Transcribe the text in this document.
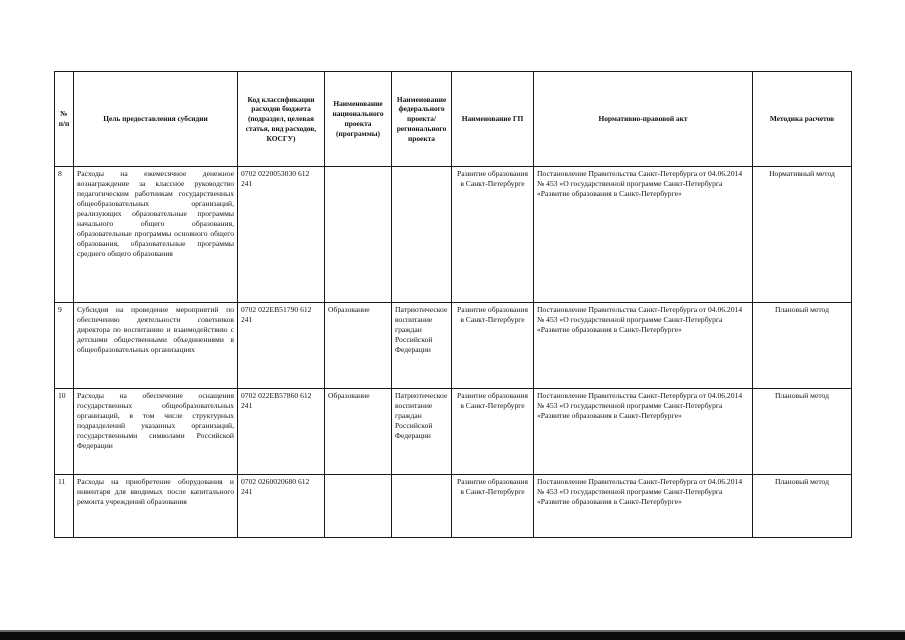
№ п/п	Цель предоставления субсидии	Код классификации расходов бюджета (подраздел, целевая статья, вид расходов, КОСГУ)	Наименование национального проекта (программы)	Наименование федерального проекта/ регионального проекта	Наименование ГП	Нормативно-правовой акт	Методика расчетов
8	Расходы на ежемесячное денежное вознаграждение за классное руководство педагогическим работникам государственных общеобразовательных организаций, реализующих образовательные программы начального общего образования, образовательные программы основного общего образования, образовательные программы среднего общего образования	0702 0220053030 612 241			Развитие образования в Санкт-Петербурге	Постановление Правительства Санкт-Петербурга от 04.06.2014 № 453 «О государственной программе Санкт-Петербурга «Развитие образования в Санкт-Петербурге»	Нормативный метод
9	Субсидия на проведение мероприятий по обеспечению деятельности советников директора по воспитанию и взаимодействию с детскими общественными объединениями в общеобразовательных организациях	0702 022ЕВ51790 612 241	Образование	Патриотическое воспитание граждан Российской Федерации	Развитие образования в Санкт-Петербурге	Постановление Правительства Санкт-Петербурга от 04.06.2014 № 453 «О государственной программе Санкт-Петербурга «Развитие образования в Санкт-Петербурге»	Плановый метод
10	Расходы на обеспечение оснащения государственных общеобразовательных организаций, в том числе структурных подразделений указанных организаций, государственными символами Российской Федерации	0702 022ЕВ57860 612 241	Образование	Патриотическое воспитание граждан Российской Федерации	Развитие образования в Санкт-Петербурге	Постановление Правительства Санкт-Петербурга от 04.06.2014 № 453 «О государственной программе Санкт-Петербурга «Развитие образования в Санкт-Петербурге»	Плановый метод
11	Расходы на приобретение оборудования и инвентаря для вводимых после капитального ремонта учреждений образования	0702 0260020680 612 241			Развитие образования в Санкт-Петербурге	Постановление Правительства Санкт-Петербурга от 04.06.2014 № 453 «О государственной программе Санкт-Петербурга «Развитие образования в Санкт-Петербурге»	Плановый метод
